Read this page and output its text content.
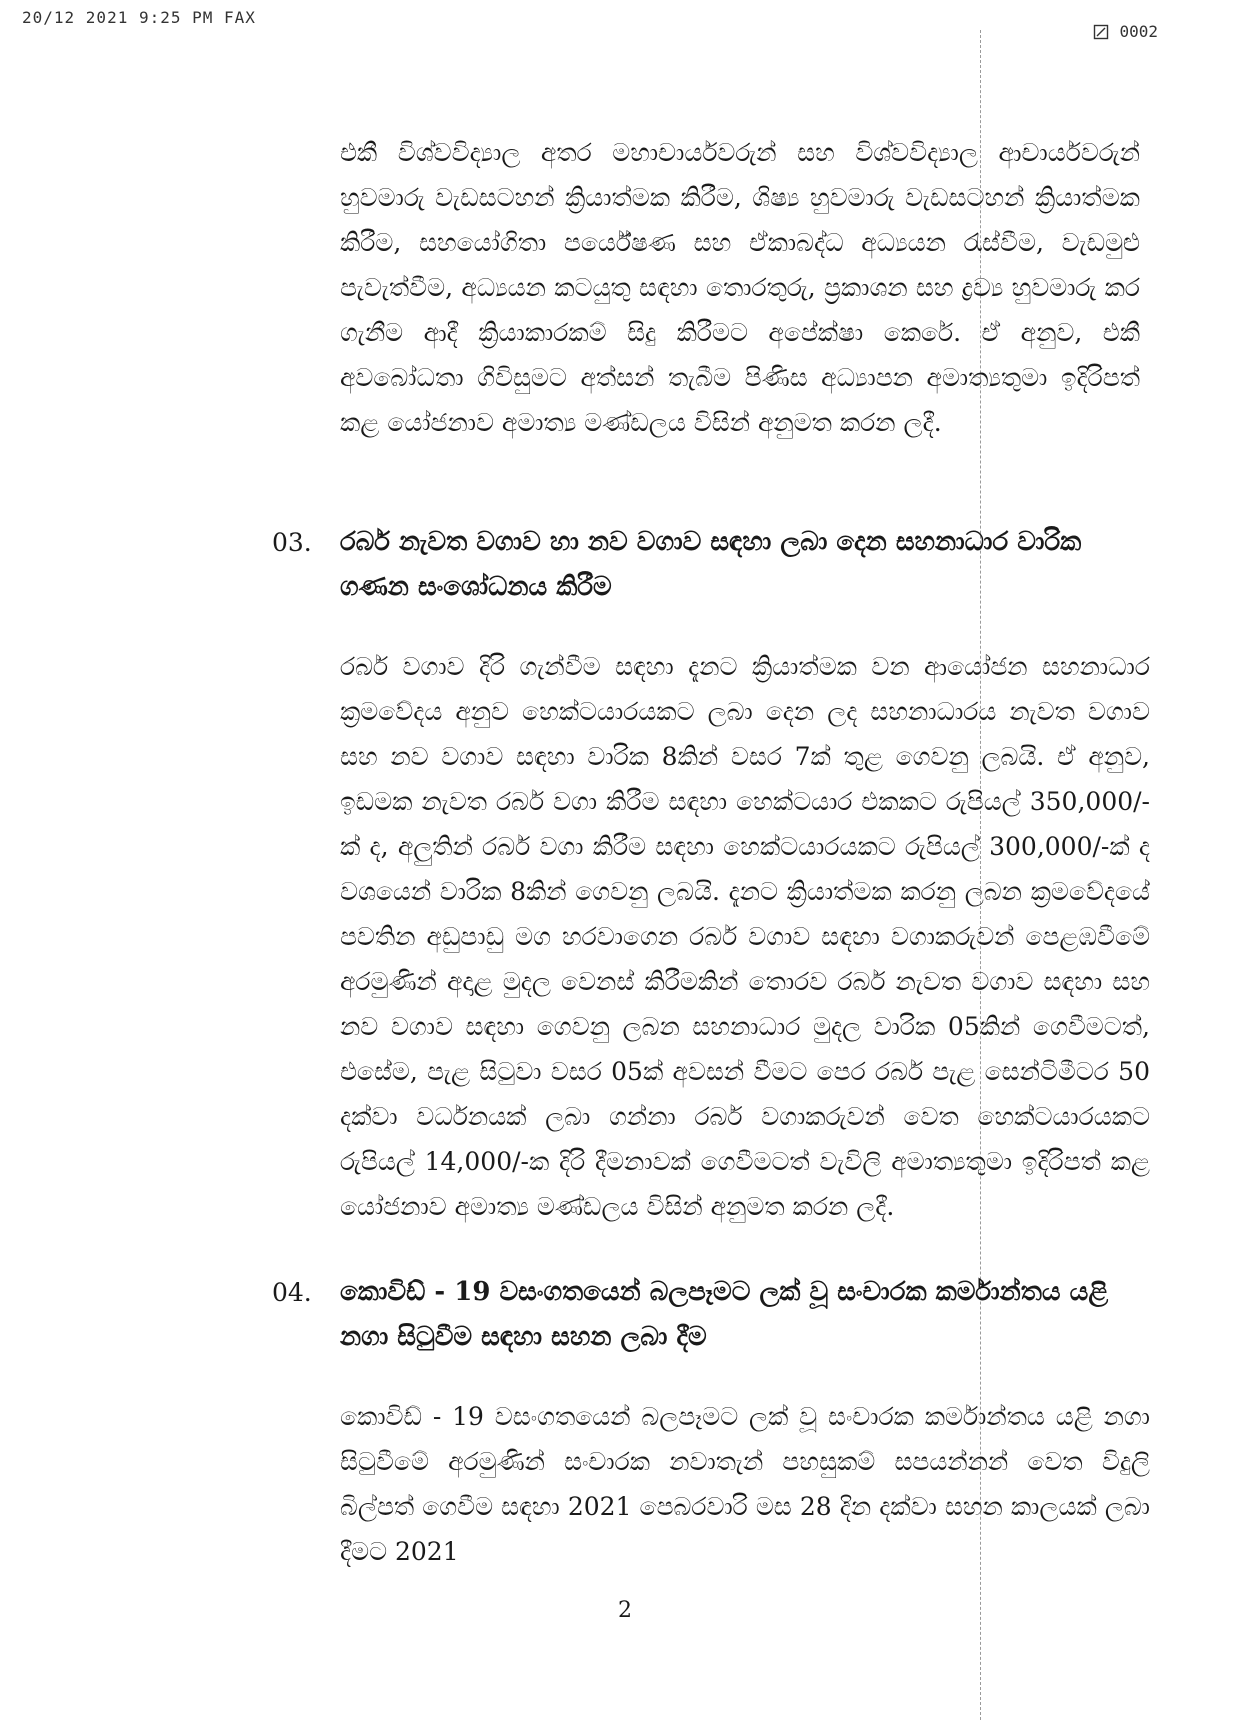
20/12 2021 9:25 PM FAX
0002

එකී විශ්වවිද්‍යාල අතර මහාචාර්යවරුන් සහ විශ්වවිද්‍යාල ආචාර්යවරුන් හුවමාරු වැඩසටහන් ක්‍රියාත්මක කිරීම, ශිෂ්‍ය හුවමාරු වැඩසටහන් ක්‍රියාත්මක කිරීම, සහයෝගිතා පර්යේෂණ සහ ඒකාබද්ධ අධ්‍යයන රැස්වීම, වැඩමුළු පැවැත්වීම, අධ්‍යයන කටයුතු සඳහා තොරතුරු, ප්‍රකාශන සහ ද්‍රව්‍ය හුවමාරු කර ගැනීම ආදී ක්‍රියාකාරකම් සිදු කිරීමට අපේක්ෂා කෙරේ. ඒ අනුව, එකී අවබෝධතා ගිවිසුමට අත්සන් තැබීම පිණිස අධ්‍යාපන අමාත්‍යතුමා ඉදිරිපත් කළ යෝජනාව අමාත්‍ය මණ්ඩලය විසින් අනුමත කරන ලදී.

03. රබර් නැවත වගාව හා නව වගාව සඳහා ලබා දෙන සහනාධාර වාරික ගණන සංශෝධනය කිරීම

රබර් වගාව දිරි ගැන්වීම සඳහා දැනට ක්‍රියාත්මක වන ආයෝජන සහනාධාර ක්‍රමවේදය අනුව හෙක්ටයාරයකට ලබා දෙන ලද සහනාධාරය නැවත වගාව සහ නව වගාව සඳහා වාරික 8කින් වසර 7ක් තුළ ගෙවනු ලබයි. ඒ අනුව, ඉඩමක නැවත රබර් වගා කිරීම සඳහා හෙක්ටයාර එකකට රුපියල් 350,000/-ක් ද, අලුතින් රබර් වගා කිරීම සඳහා හෙක්ටයාරයකට රුපියල් 300,000/-ක් ද වශයෙන් වාරික 8කින් ගෙවනු ලබයි. දැනට ක්‍රියාත්මක කරනු ලබන ක්‍රමවේදයේ පවතින අඩුපාඩු මග හරවාගෙන රබර් වගාව සඳහා වගාකරුවන් පෙළඹවීමේ අරමුණින් අදාළ මුදල වෙනස් කිරීමකින් තොරව රබර් නැවත වගාව සඳහා සහ නව වගාව සඳහා ගෙවනු ලබන සහනාධාර මුදල වාරික 05කින් ගෙවීමටත්, එසේම, පැළ සිටුවා වසර 05ක් අවසන් වීමට පෙර රබර් පැළ සෙන්ටිමීටර 50 දක්වා වර්ධනයක් ලබා ගන්නා රබර් වගාකරුවන් වෙත හෙක්ටයාරයකට රුපියල් 14,000/-ක දිරි දීමනාවක් ගෙවීමටත් වැවිලි අමාත්‍යතුමා ඉදිරිපත් කළ යෝජනාව අමාත්‍ය මණ්ඩලය විසින් අනුමත කරන ලදී.

04. කොවිඩ් - 19 වසංගතයෙන් බලපෑමට ලක් වූ සංචාරක කර්මාන්තය යළි නගා සිටුවීම සඳහා සහන ලබා දීම

කොවිඩ් - 19 වසංගතයෙන් බලපෑමට ලක් වූ සංචාරක කර්මාන්තය යළි නගා සිටුවීමේ අරමුණින් සංචාරක නවාතැන් පහසුකම් සපයන්නන් වෙත විදුලි බිල්පත් ගෙවීම සඳහා 2021 පෙබරවාරි මස 28 දින දක්වා සහන කාලයක් ලබා දීමට 2021

2
